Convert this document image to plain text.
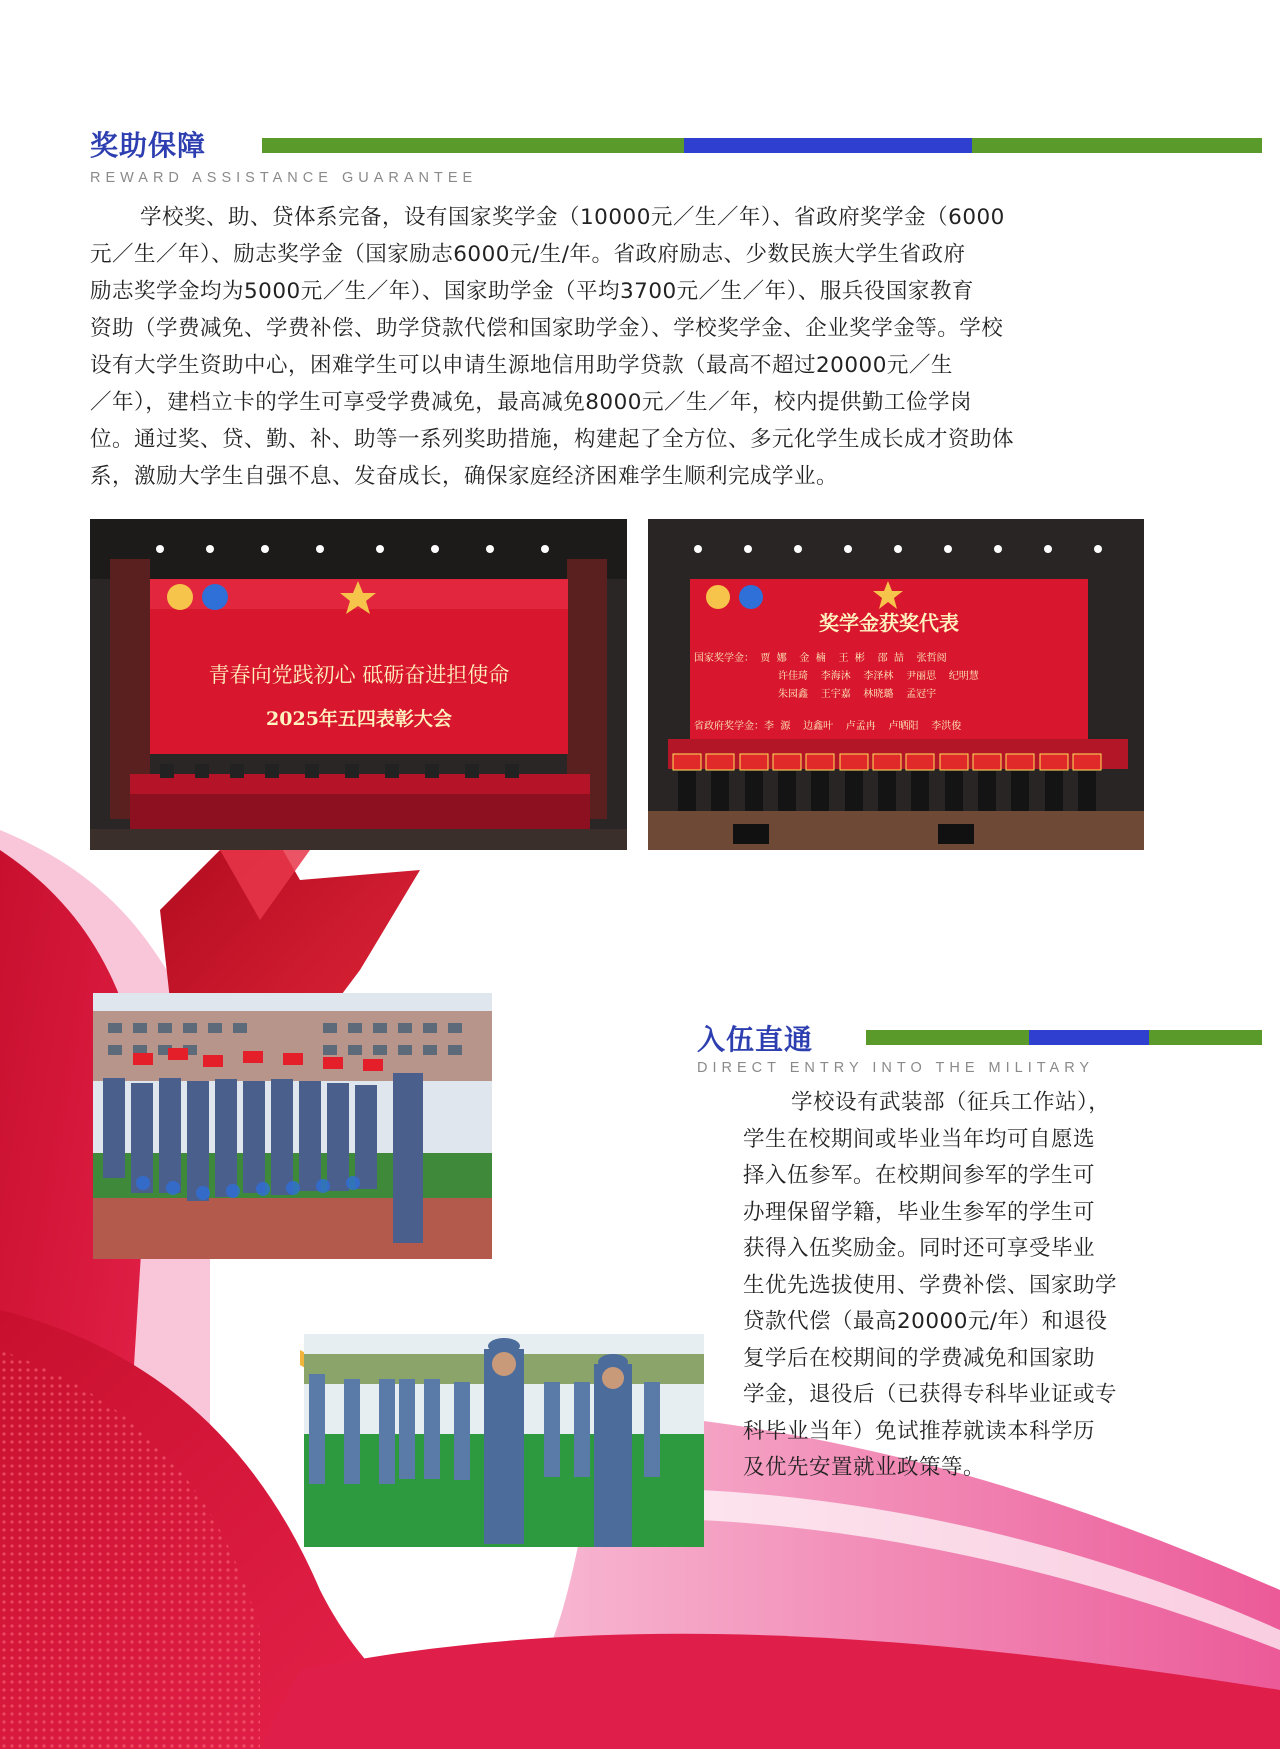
奖助保障
REWARD ASSISTANCE GUARANTEE
学校奖、助、贷体系完备，设有国家奖学金（10000元／生／年）、省政府奖学金（6000
元／生／年）、励志奖学金（国家励志6000元/生/年。省政府励志、少数民族大学生省政府
励志奖学金均为5000元／生／年）、国家助学金（平均3700元／生／年）、服兵役国家教育
资助（学费减免、学费补偿、助学贷款代偿和国家助学金）、学校奖学金、企业奖学金等。学校
设有大学生资助中心，困难学生可以申请生源地信用助学贷款（最高不超过20000元／生
／年），建档立卡的学生可享受学费减免，最高减免8000元／生／年，校内提供勤工俭学岗
位。通过奖、贷、勤、补、助等一系列奖助措施，构建起了全方位、多元化学生成长成才资助体
系，激励大学生自强不息、发奋成长，确保家庭经济困难学生顺利完成学业。
青春向党践初心 砥砺奋进担使命
2025年五四表彰大会
奖学金获奖代表
国家奖学金：  贾  娜    金  楠    王  彬    邵  喆    张哲阅
许佳琦    李海沐    李泽林    尹丽思    纪明慧
朱园鑫    王宇嘉    林晓璐    孟冠宇
省政府奖学金：李  源    边鑫叶    卢孟冉    卢晒阳    李洪俊
入伍直通
DIRECT ENTRY INTO THE MILITARY
学校设有武装部（征兵工作站），
学生在校期间或毕业当年均可自愿选
择入伍参军。在校期间参军的学生可
办理保留学籍，毕业生参军的学生可
获得入伍奖励金。同时还可享受毕业
生优先选拔使用、学费补偿、国家助学
贷款代偿（最高20000元/年）和退役
复学后在校期间的学费减免和国家助
学金，退役后（已获得专科毕业证或专
科毕业当年）免试推荐就读本科学历
及优先安置就业政策等。
